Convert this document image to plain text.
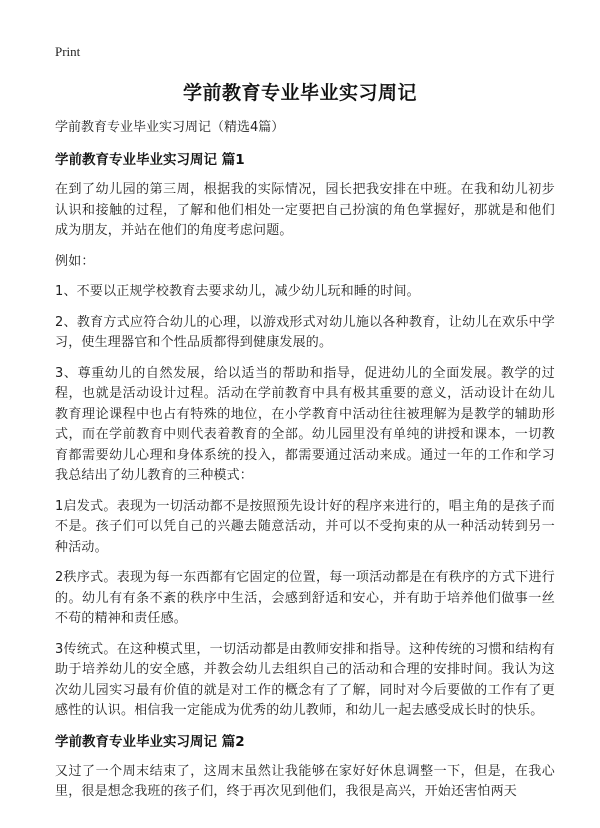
Print
学前教育专业毕业实习周记

学前教育专业毕业实习周记（精选4篇）

学前教育专业毕业实习周记 篇1

在到了幼儿园的第三周，根据我的实际情况，园长把我安排在中班。在我和幼儿初步认识和接触的过程，了解和他们相处一定要把自己扮演的角色掌握好，那就是和他们成为朋友，并站在他们的角度考虑问题。

例如：

1、不要以正规学校教育去要求幼儿，减少幼儿玩和睡的时间。

2、教育方式应符合幼儿的心理，以游戏形式对幼儿施以各种教育，让幼儿在欢乐中学习，使生理器官和个性品质都得到健康发展的。

3、尊重幼儿的自然发展，给以适当的帮助和指导，促进幼儿的全面发展。教学的过程，也就是活动设计过程。活动在学前教育中具有极其重要的意义，活动设计在幼儿教育理论课程中也占有特殊的地位，在小学教育中活动往往被理解为是教学的辅助形式，而在学前教育中则代表着教育的全部。幼儿园里没有单纯的讲授和课本，一切教育都需要幼儿心理和身体系统的投入，都需要通过活动来成。通过一年的工作和学习我总结出了幼儿教育的三种模式：

1启发式。表现为一切活动都不是按照预先设计好的程序来进行的，唱主角的是孩子而不是。孩子们可以凭自己的兴趣去随意活动，并可以不受拘束的从一种活动转到另一种活动。

2秩序式。表现为每一东西都有它固定的位置，每一项活动都是在有秩序的方式下进行的。幼儿有有条不紊的秩序中生活，会感到舒适和安心，并有助于培养他们做事一丝不苟的精神和责任感。

3传统式。在这种模式里，一切活动都是由教师安排和指导。这种传统的习惯和结构有助于培养幼儿的安全感，并教会幼儿去组织自己的活动和合理的安排时间。我认为这次幼儿园实习最有价值的就是对工作的概念有了了解，同时对今后要做的工作有了更感性的认识。相信我一定能成为优秀的幼儿教师，和幼儿一起去感受成长时的快乐。

学前教育专业毕业实习周记 篇2

又过了一个周末结束了，这周末虽然让我能够在家好好休息调整一下，但是，在我心里，很是想念我班的孩子们，终于再次见到他们，我很是高兴，开始还害怕两天
